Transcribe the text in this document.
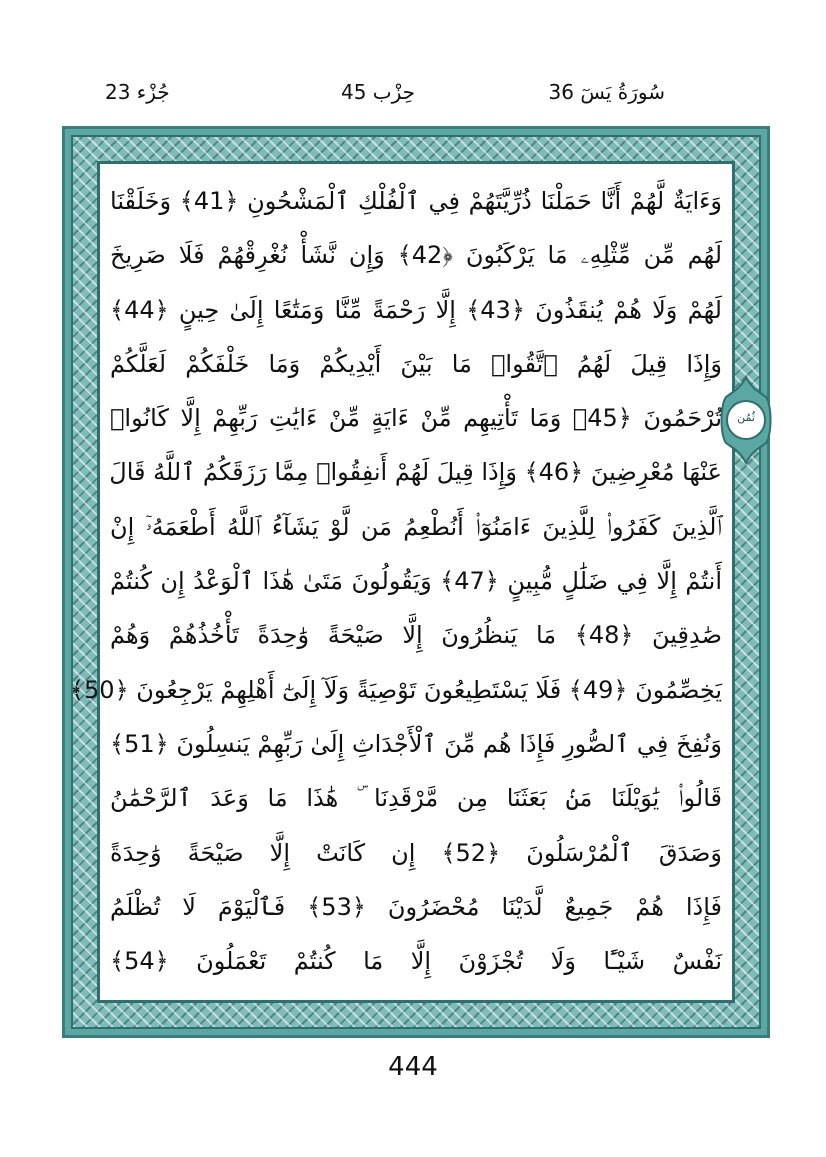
جُزْء 23	حِزْب 45	36 سُورَةُ يَسٓ
وَءَايَةٌ لَّهُمْ أَنَّا حَمَلْنَا ذُرِّيَّتَهُمْ فِي ٱلْفُلْكِ ٱلْمَشْحُونِ ﴿41﴾ وَخَلَقْنَا
لَهُم مِّن مِّثْلِهِۦ مَا يَرْكَبُونَ ﴿42﴾ وَإِن نَّشَأْ نُغْرِقْهُمْ فَلَا صَرِيخَ
لَهُمْ وَلَا هُمْ يُنقَذُونَ ﴿43﴾ إِلَّا رَحْمَةً مِّنَّا وَمَتَٰعًا إِلَىٰ حِينٍ ﴿44﴾
وَإِذَا قِيلَ لَهُمُ ٱتَّقُوا۟ مَا بَيْنَ أَيْدِيكُمْ وَمَا خَلْفَكُمْ لَعَلَّكُمْ
تُرْحَمُونَ ﴿45﴾ وَمَا تَأْتِيهِم مِّنْ ءَايَةٍ مِّنْ ءَايَٰتِ رَبِّهِمْ إِلَّا كَانُوا۟
عَنْهَا مُعْرِضِينَ ﴿46﴾ وَإِذَا قِيلَ لَهُمْ أَنفِقُوا۟ مِمَّا رَزَقَكُمُ ٱللَّهُ قَالَ
ٱلَّذِينَ كَفَرُوا۟ لِلَّذِينَ ءَامَنُوٓا۟ أَنُطْعِمُ مَن لَّوْ يَشَآءُ ٱللَّهُ أَطْعَمَهُۥٓ إِنْ
أَنتُمْ إِلَّا فِي ضَلَٰلٍ مُّبِينٍ ﴿47﴾ وَيَقُولُونَ مَتَىٰ هَٰذَا ٱلْوَعْدُ إِن كُنتُمْ
صَٰدِقِينَ ﴿48﴾ مَا يَنظُرُونَ إِلَّا صَيْحَةً وَٰحِدَةً تَأْخُذُهُمْ وَهُمْ
يَخِصِّمُونَ ﴿49﴾ فَلَا يَسْتَطِيعُونَ تَوْصِيَةً وَلَآ إِلَىٰٓ أَهْلِهِمْ يَرْجِعُونَ ﴿50﴾
وَنُفِخَ فِي ٱلصُّورِ فَإِذَا هُم مِّنَ ٱلْأَجْدَاثِ إِلَىٰ رَبِّهِمْ يَنسِلُونَ ﴿51﴾
قَالُوا۟ يَٰوَيْلَنَا مَنۢ بَعَثَنَا مِن مَّرْقَدِنَا ۜ هَٰذَا مَا وَعَدَ ٱلرَّحْمَٰنُ
وَصَدَقَ ٱلْمُرْسَلُونَ ﴿52﴾ إِن كَانَتْ إِلَّا صَيْحَةً وَٰحِدَةً
فَإِذَا هُمْ جَمِيعٌ لَّدَيْنَا مُحْضَرُونَ ﴿53﴾ فَٱلْيَوْمَ لَا تُظْلَمُ
نَفْسٌ شَيْـًٔا وَلَا تُجْزَوْنَ إِلَّا مَا كُنتُمْ تَعْمَلُونَ ﴿54﴾
ثُمُن
444
